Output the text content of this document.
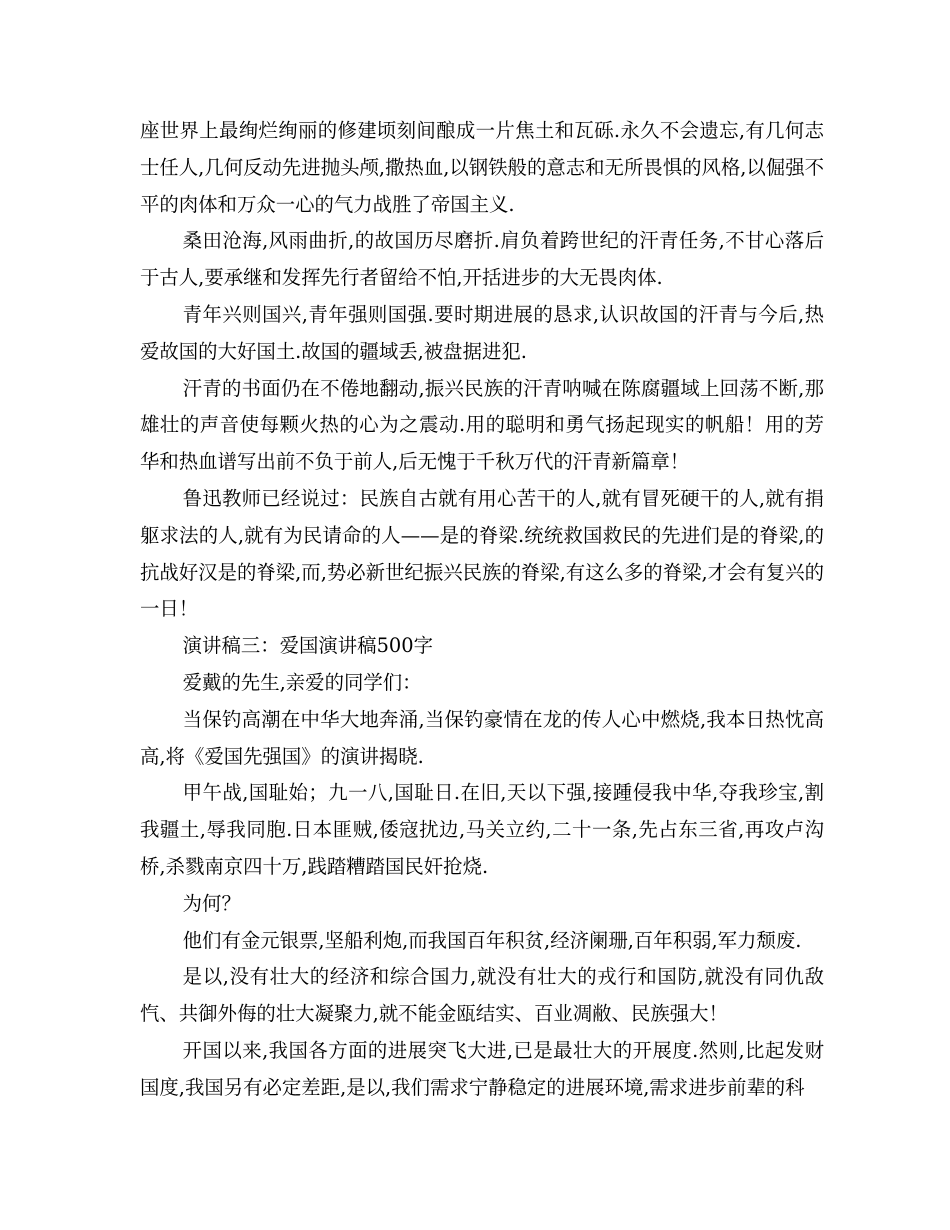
座世界上最绚烂绚丽的修建顷刻间酿成一片焦土和瓦砾.永久不会遗忘,有几何志士任人,几何反动先进抛头颅,撒热血,以钢铁般的意志和无所畏惧的风格,以倔强不平的肉体和万众一心的气力战胜了帝国主义.

桑田沧海,风雨曲折,的故国历尽磨折.肩负着跨世纪的汗青任务,不甘心落后于古人,要承继和发挥先行者留给不怕,开括进步的大无畏肉体.

青年兴则国兴,青年强则国强.要时期进展的恳求,认识故国的汗青与今后,热爱故国的大好国土.故国的疆域丢,被盘据进犯.

汗青的书面仍在不倦地翻动,振兴民族的汗青呐喊在陈腐疆域上回荡不断,那雄壮的声音使每颗火热的心为之震动.用的聪明和勇气扬起现实的帆船！用的芳华和热血谱写出前不负于前人,后无愧于千秋万代的汗青新篇章！

鲁迅教师已经说过：民族自古就有用心苦干的人,就有冒死硬干的人,就有捐躯求法的人,就有为民请命的人——是的脊梁.统统救国救民的先进们是的脊梁,的抗战好汉是的脊梁,而,势必新世纪振兴民族的脊梁,有这么多的脊梁,才会有复兴的一日！

演讲稿三：爱国演讲稿500字

爱戴的先生,亲爱的同学们：

当保钓高潮在中华大地奔涌,当保钓豪情在龙的传人心中燃烧,我本日热忱高高,将《爱国先强国》的演讲揭晓.

甲午战,国耻始；九一八,国耻日.在旧,天以下强,接踵侵我中华,夺我珍宝,割我疆土,辱我同胞.日本匪贼,倭寇扰边,马关立约,二十一条,先占东三省,再攻卢沟桥,杀戮南京四十万,践踏糟踏国民奸抢烧.

为何？

他们有金元银票,坚船利炮,而我国百年积贫,经济阑珊,百年积弱,军力颓废.

是以,没有壮大的经济和综合国力,就没有壮大的戎行和国防,就没有同仇敌忾、共御外侮的壮大凝聚力,就不能金瓯结实、百业凋敝、民族强大！

开国以来,我国各方面的进展突飞大进,已是最壮大的开展度.然则,比起发财国度,我国另有必定差距,是以,我们需求宁静稳定的进展环境,需求进步前辈的科
